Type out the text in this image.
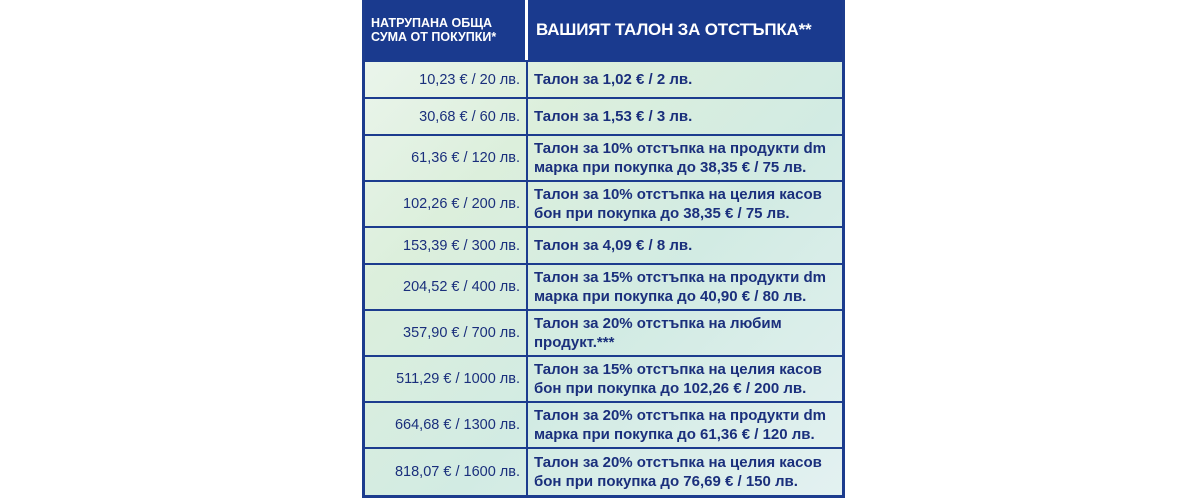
НАТРУПАНА ОБЩА СУМА ОТ ПОКУПКИ*	ВАШИЯТ ТАЛОН ЗА ОТСТЪПКА**
10,23 € / 20 лв. Талон за 1,02 € / 2 лв.
30,68 € / 60 лв. Талон за 1,53 € / 3 лв.
61,36 € / 120 лв.
Талон за 10% отстъпка на продукти dm марка при покупка до 38,35 € / 75 лв.
102,26 € / 200 лв.
Талон за 10% отстъпка на целия касов бон при покупка до 38,35 € / 75 лв.
153,39 € / 300 лв. Талон за 4,09 € / 8 лв.
204,52 € / 400 лв.
Талон за 15% отстъпка на продукти dm марка при покупка до 40,90 € / 80 лв.
357,90 € / 700 лв.
Талон за 20% отстъпка на любим продукт.***
511,29 € / 1000 лв.
Талон за 15% отстъпка на целия касов бон при покупка до 102,26 € / 200 лв.
664,68 € / 1300 лв.
Талон за 20% отстъпка на продукти dm марка при покупка до 61,36 € / 120 лв.
818,07 € / 1600 лв.
Талон за 20% отстъпка на целия касов бон при покупка до 76,69 € / 150 лв.
